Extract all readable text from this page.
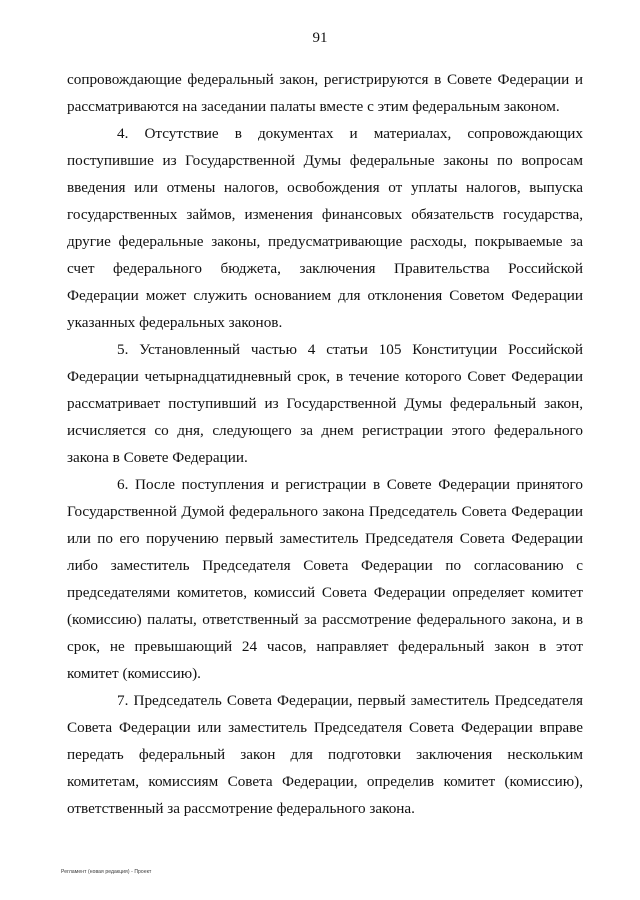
91

сопровождающие федеральный закон, регистрируются в Совете Федерации и рассматриваются на заседании палаты вместе с этим федеральным законом.

4. Отсутствие в документах и материалах, сопровождающих поступившие из Государственной Думы федеральные законы по вопросам введения или отмены налогов, освобождения от уплаты налогов, выпуска государственных займов, изменения финансовых обязательств государства, другие федеральные законы, предусматривающие расходы, покрываемые за счет федерального бюджета, заключения Правительства Российской Федерации может служить основанием для отклонения Советом Федерации указанных федеральных законов.

5. Установленный частью 4 статьи 105 Конституции Российской Федерации четырнадцатидневный срок, в течение которого Совет Федерации рассматривает поступивший из Государственной Думы федеральный закон, исчисляется со дня, следующего за днем регистрации этого федерального закона в Совете Федерации.

6. После поступления и регистрации в Совете Федерации принятого Государственной Думой федерального закона Председатель Совета Федерации или по его поручению первый заместитель Председателя Совета Федерации либо заместитель Председателя Совета Федерации по согласованию с председателями комитетов, комиссий Совета Федерации определяет комитет (комиссию) палаты, ответственный за рассмотрение федерального закона, и в срок, не превышающий 24 часов, направляет федеральный закон в этот комитет (комиссию).

7. Председатель Совета Федерации, первый заместитель Председателя Совета Федерации или заместитель Председателя Совета Федерации вправе передать федеральный закон для подготовки заключения нескольким комитетам, комиссиям Совета Федерации, определив комитет (комиссию), ответственный за рассмотрение федерального закона.

Регламент (новая редакция) - Проект
